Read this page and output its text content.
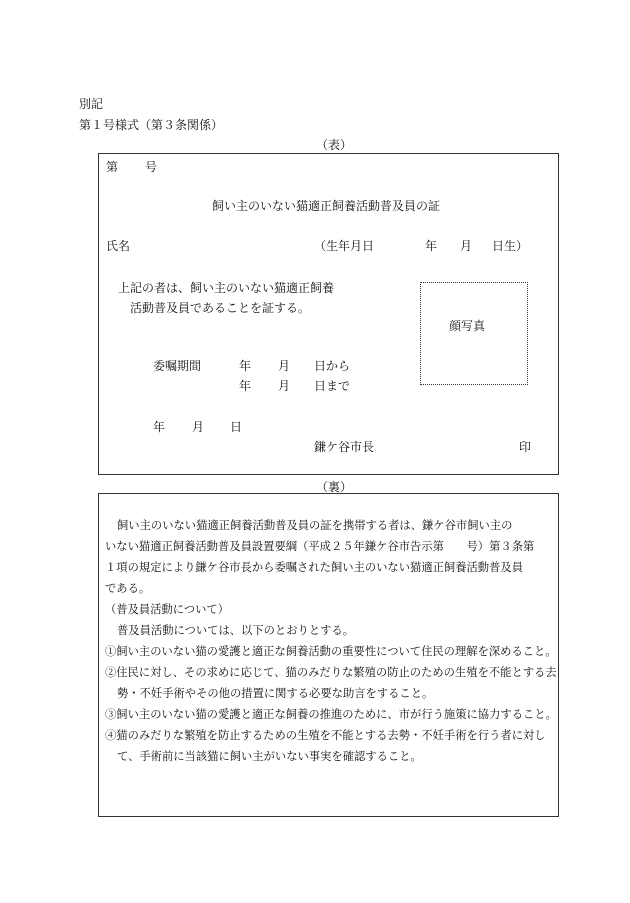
別記
第１号様式（第３条関係）
（表）
第 号
飼い主のいない猫適正飼養活動普及員の証
氏名	（生年月日	年 月 日生）
上記の者は、飼い主のいない猫適正飼養
活動普及員であることを証する。
顔写真
委嘱期間	年 月 日から
年 月 日まで
年 月 日
鎌ケ谷市長	印
（裏）

飼い主のいない猫適正飼養活動普及員の証を携帯する者は、鎌ケ谷市飼い主の

いない猫適正飼養活動普及員設置要綱（平成２５年鎌ケ谷市告示第　　号）第３条第

１項の規定により鎌ケ谷市長から委嘱された飼い主のいない猫適正飼養活動普及員

である。

（普及員活動について）

普及員活動については、以下のとおりとする。

①飼い主のいない猫の愛護と適正な飼養活動の重要性について住民の理解を深めること。

②住民に対し、その求めに応じて、猫のみだりな繁殖の防止のための生殖を不能とする去勢・不妊手術やその他の措置に関する必要な助言をすること。

③飼い主のいない猫の愛護と適正な飼養の推進のために、市が行う施策に協力すること。

④猫のみだりな繁殖を防止するための生殖を不能とする去勢・不妊手術を行う者に対して、手術前に当該猫に飼い主がいない事実を確認すること。
